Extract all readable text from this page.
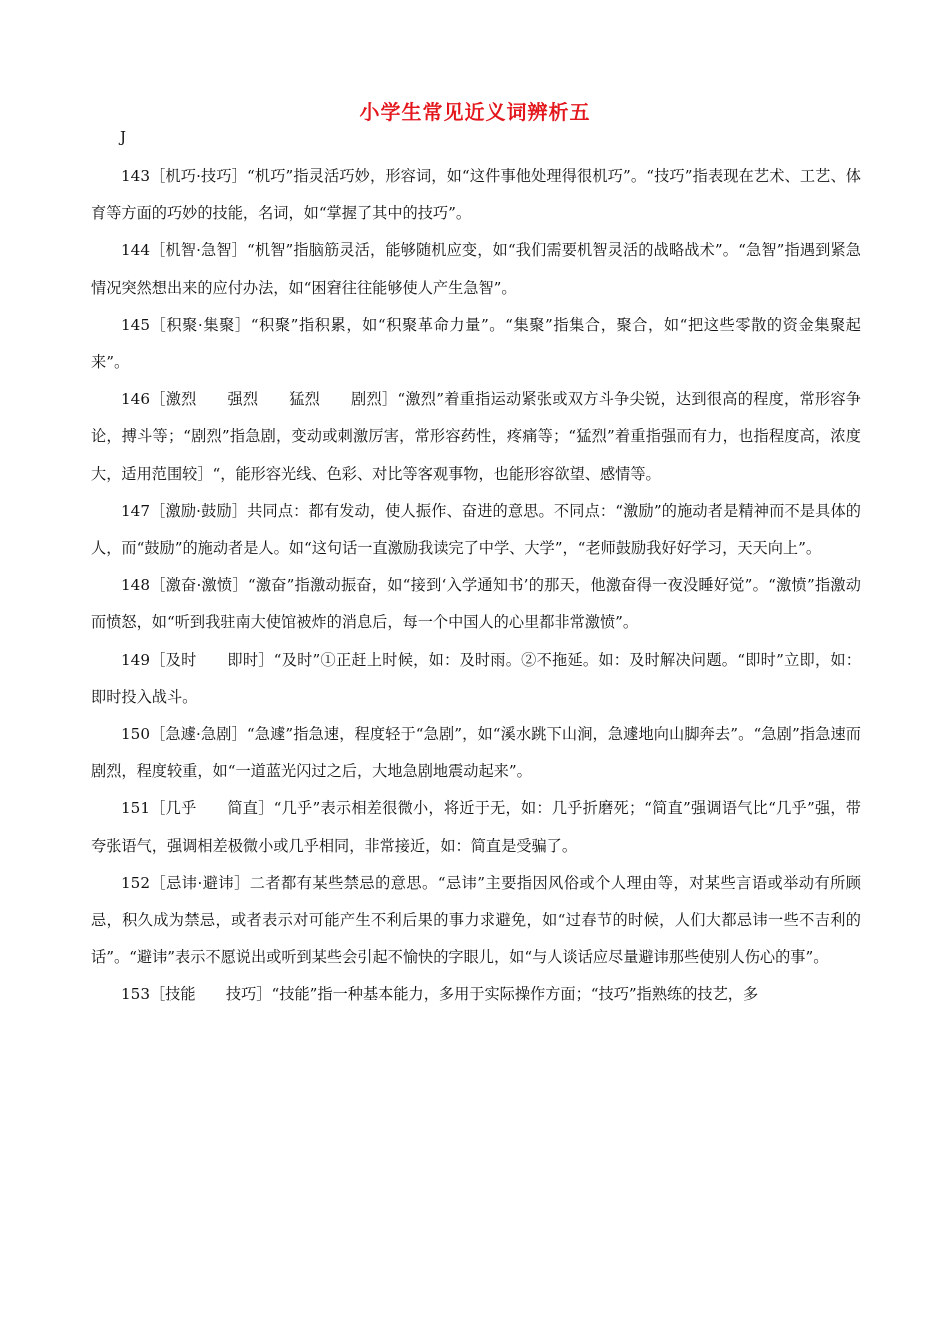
小学生常见近义词辨析五
J

143［机巧·技巧］“机巧”指灵活巧妙，形容词，如“这件事他处理得很机巧”。“技巧”指表现在艺术、工艺、体育等方面的巧妙的技能，名词，如“掌握了其中的技巧”。

144［机智·急智］“机智”指脑筋灵活，能够随机应变，如“我们需要机智灵活的战略战术”。“急智”指遇到紧急情况突然想出来的应付办法，如“困窘往往能够使人产生急智”。

145［积聚·集聚］“积聚”指积累，如“积聚革命力量”。“集聚”指集合，聚合，如“把这些零散的资金集聚起来”。

146［激烈　　强烈　　猛烈　　剧烈］“激烈”着重指运动紧张或双方斗争尖锐，达到很高的程度，常形容争论，搏斗等；“剧烈”指急剧，变动或刺激厉害，常形容药性，疼痛等；“猛烈”着重指强而有力，也指程度高，浓度大，适用范围较］“，能形容光线、色彩、对比等客观事物，也能形容欲望、感情等。

147［激励·鼓励］共同点：都有发动，使人振作、奋进的意思。不同点：“激励”的施动者是精神而不是具体的人，而“鼓励”的施动者是人。如“这句话一直激励我读完了中学、大学”，“老师鼓励我好好学习，天天向上”。

148［激奋·激愤］“激奋”指激动振奋，如“接到‘入学通知书’的那天，他激奋得一夜没睡好觉”。“激愤”指激动而愤怒，如“听到我驻南大使馆被炸的消息后，每一个中国人的心里都非常激愤”。

149［及时　　即时］“及时”①正赶上时候，如：及时雨。②不拖延。如：及时解决问题。“即时”立即，如：即时投入战斗。

150［急遽·急剧］“急遽”指急速，程度轻于“急剧”，如“溪水跳下山涧，急遽地向山脚奔去”。“急剧”指急速而剧烈，程度较重，如“一道蓝光闪过之后，大地急剧地震动起来”。

151［几乎　　简直］“几乎”表示相差很微小，将近于无，如：几乎折磨死；“简直”强调语气比“几乎”强，带夸张语气，强调相差极微小或几乎相同，非常接近，如：简直是受骗了。

152［忌讳·避讳］二者都有某些禁忌的意思。“忌讳”主要指因风俗或个人理由等，对某些言语或举动有所顾忌，积久成为禁忌，或者表示对可能产生不利后果的事力求避免，如“过春节的时候，人们大都忌讳一些不吉利的话”。“避讳”表示不愿说出或听到某些会引起不愉快的字眼儿，如“与人谈话应尽量避讳那些使别人伤心的事”。

153［技能　　技巧］“技能”指一种基本能力，多用于实际操作方面；“技巧”指熟练的技艺，多
